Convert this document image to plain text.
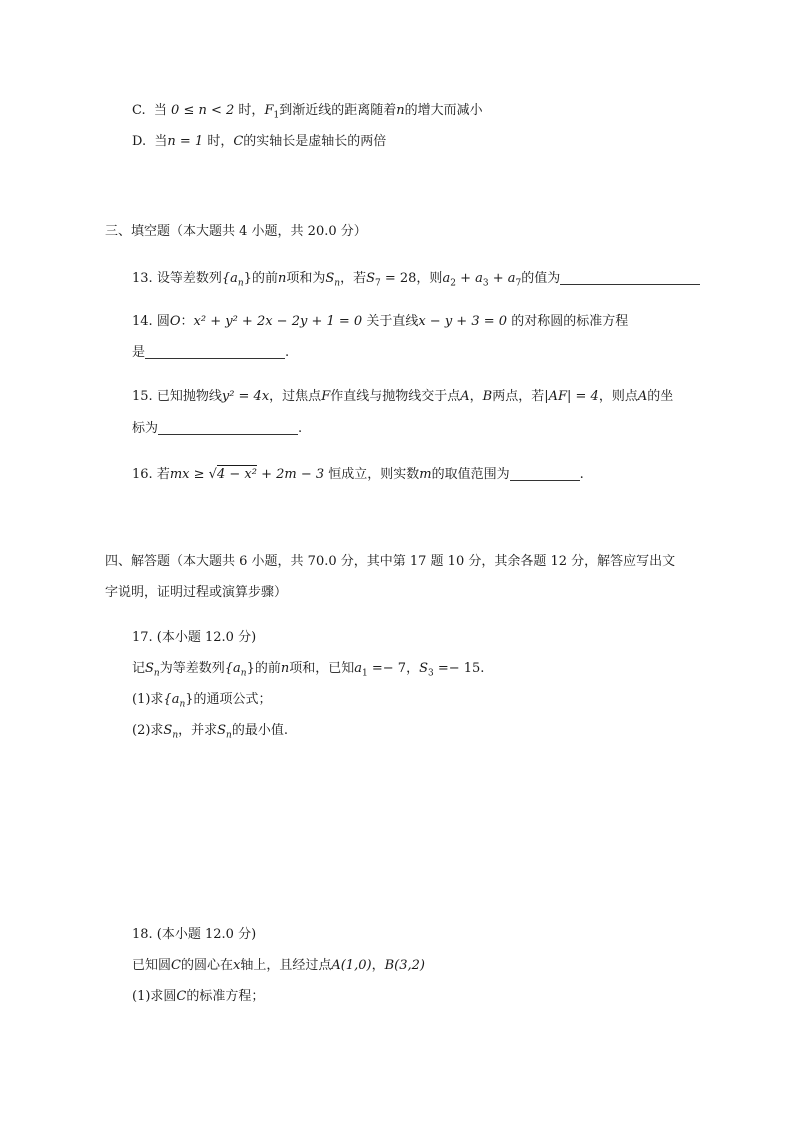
C. 当 0 ≤ n < 2 时，$F_1$到渐近线的距离随着n的增大而减小
D. 当n = 1 时，C的实轴长是虚轴长的两倍
三、填空题（本大题共 4 小题，共 20.0 分）
13. 设等差数列$\{a_n\}$的前n项和为$S_n$，若$S_7 = 28$，则$a_2 + a_3 + a_7$的值为
14. 圆O：x² + y² + 2x − 2y + 1 = 0 关于直线x − y + 3 = 0 的对称圆的标准方程
是	.
15. 已知抛物线y² = 4x，过焦点F作直线与抛物线交于点A，B两点，若|AF| = 4，则点A的坐
标为	.
16. 若mx ≥ √4 − x² + 2m − 3 恒成立，则实数m的取值范围为	.
四、解答题（本大题共 6 小题，共 70.0 分，其中第 17 题 10 分，其余各题 12 分，解答应写出文
字说明，证明过程或演算步骤）
17. (本小题 12.0 分)
记$S_n$为等差数列$\{a_n\}$的前n项和，已知$a_1 =- 7$，$S_3 =- 15$.
(1)求$\{a_n\}$的通项公式；
(2)求$S_n$，并求$S_n$的最小值.
18. (本小题 12.0 分)
已知圆C的圆心在x轴上，且经过点A(1,0)，B(3,2)
(1)求圆C的标准方程；
